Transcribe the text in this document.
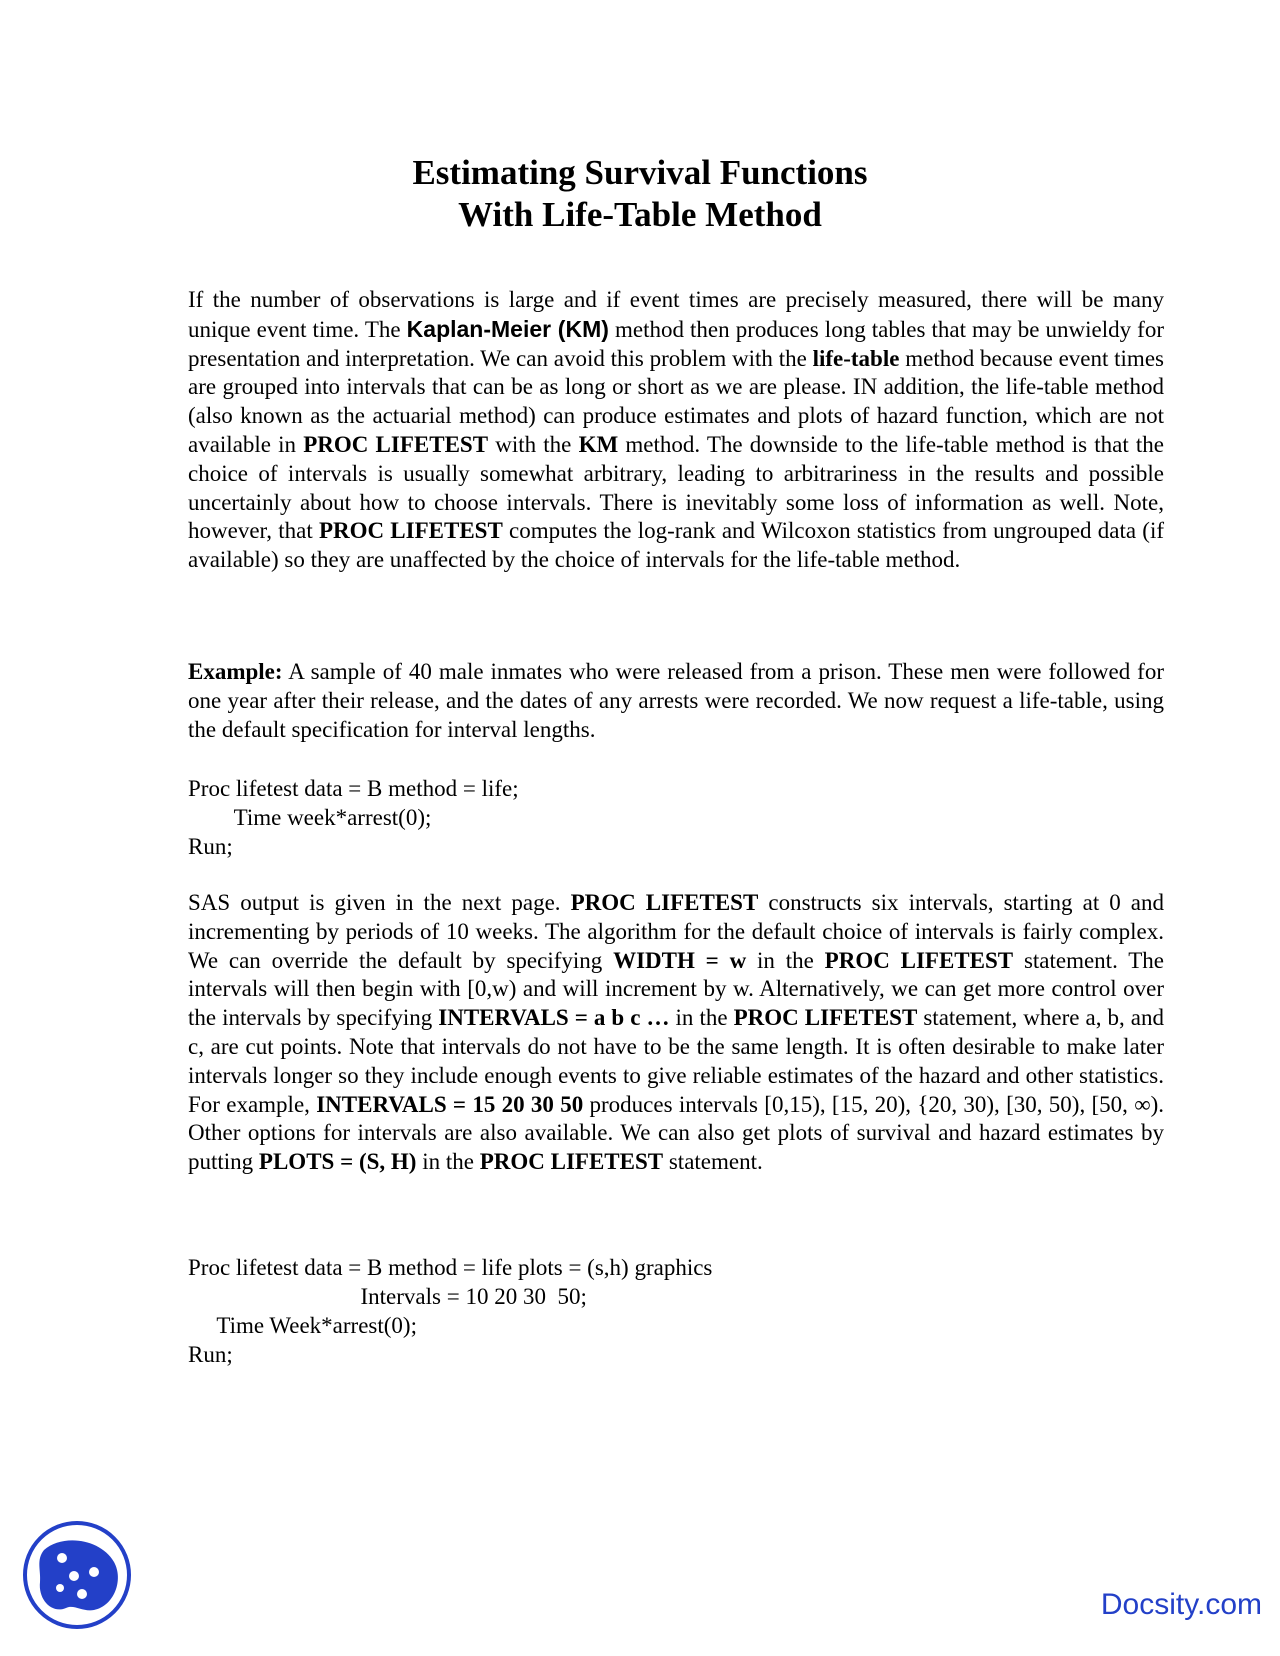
Estimating Survival Functions
With Life-Table Method
If the number of observations is large and if event times are precisely measured, there will be many unique event time. The Kaplan-Meier (KM) method then produces long tables that may be unwieldy for presentation and interpretation. We can avoid this problem with the life-table method because event times are grouped into intervals that can be as long or short as we are please. IN addition, the life-table method (also known as the actuarial method) can produce estimates and plots of hazard function, which are not available in PROC LIFETEST with the KM method. The downside to the life-table method is that the choice of intervals is usually somewhat arbitrary, leading to arbitrariness in the results and possible uncertainly about how to choose intervals. There is inevitably some loss of information as well. Note, however, that PROC LIFETEST computes the log-rank and Wilcoxon statistics from ungrouped data (if available) so they are unaffected by the choice of intervals for the life-table method.
Example: A sample of 40 male inmates who were released from a prison. These men were followed for one year after their release, and the dates of any arrests were recorded. We now request a life-table, using the default specification for interval lengths.
Proc lifetest data = B method = life;
Time week*arrest(0);
Run;
SAS output is given in the next page. PROC LIFETEST constructs six intervals, starting at 0 and incrementing by periods of 10 weeks. The algorithm for the default choice of intervals is fairly complex. We can override the default by specifying WIDTH = w in the PROC LIFETEST statement. The intervals will then begin with [0,w) and will increment by w. Alternatively, we can get more control over the intervals by specifying INTERVALS = a b c … in the PROC LIFETEST statement, where a, b, and c, are cut points. Note that intervals do not have to be the same length. It is often desirable to make later intervals longer so they include enough events to give reliable estimates of the hazard and other statistics. For example, INTERVALS = 15 20 30 50 produces intervals [0,15), [15, 20), {20, 30), [30, 50), [50, ∞). Other options for intervals are also available. We can also get plots of survival and hazard estimates by putting PLOTS = (S, H) in the PROC LIFETEST statement.
Proc lifetest data = B method = life plots = (s,h) graphics
Intervals = 10 20 30  50;
Time Week*arrest(0);
Run;
Docsity.com
